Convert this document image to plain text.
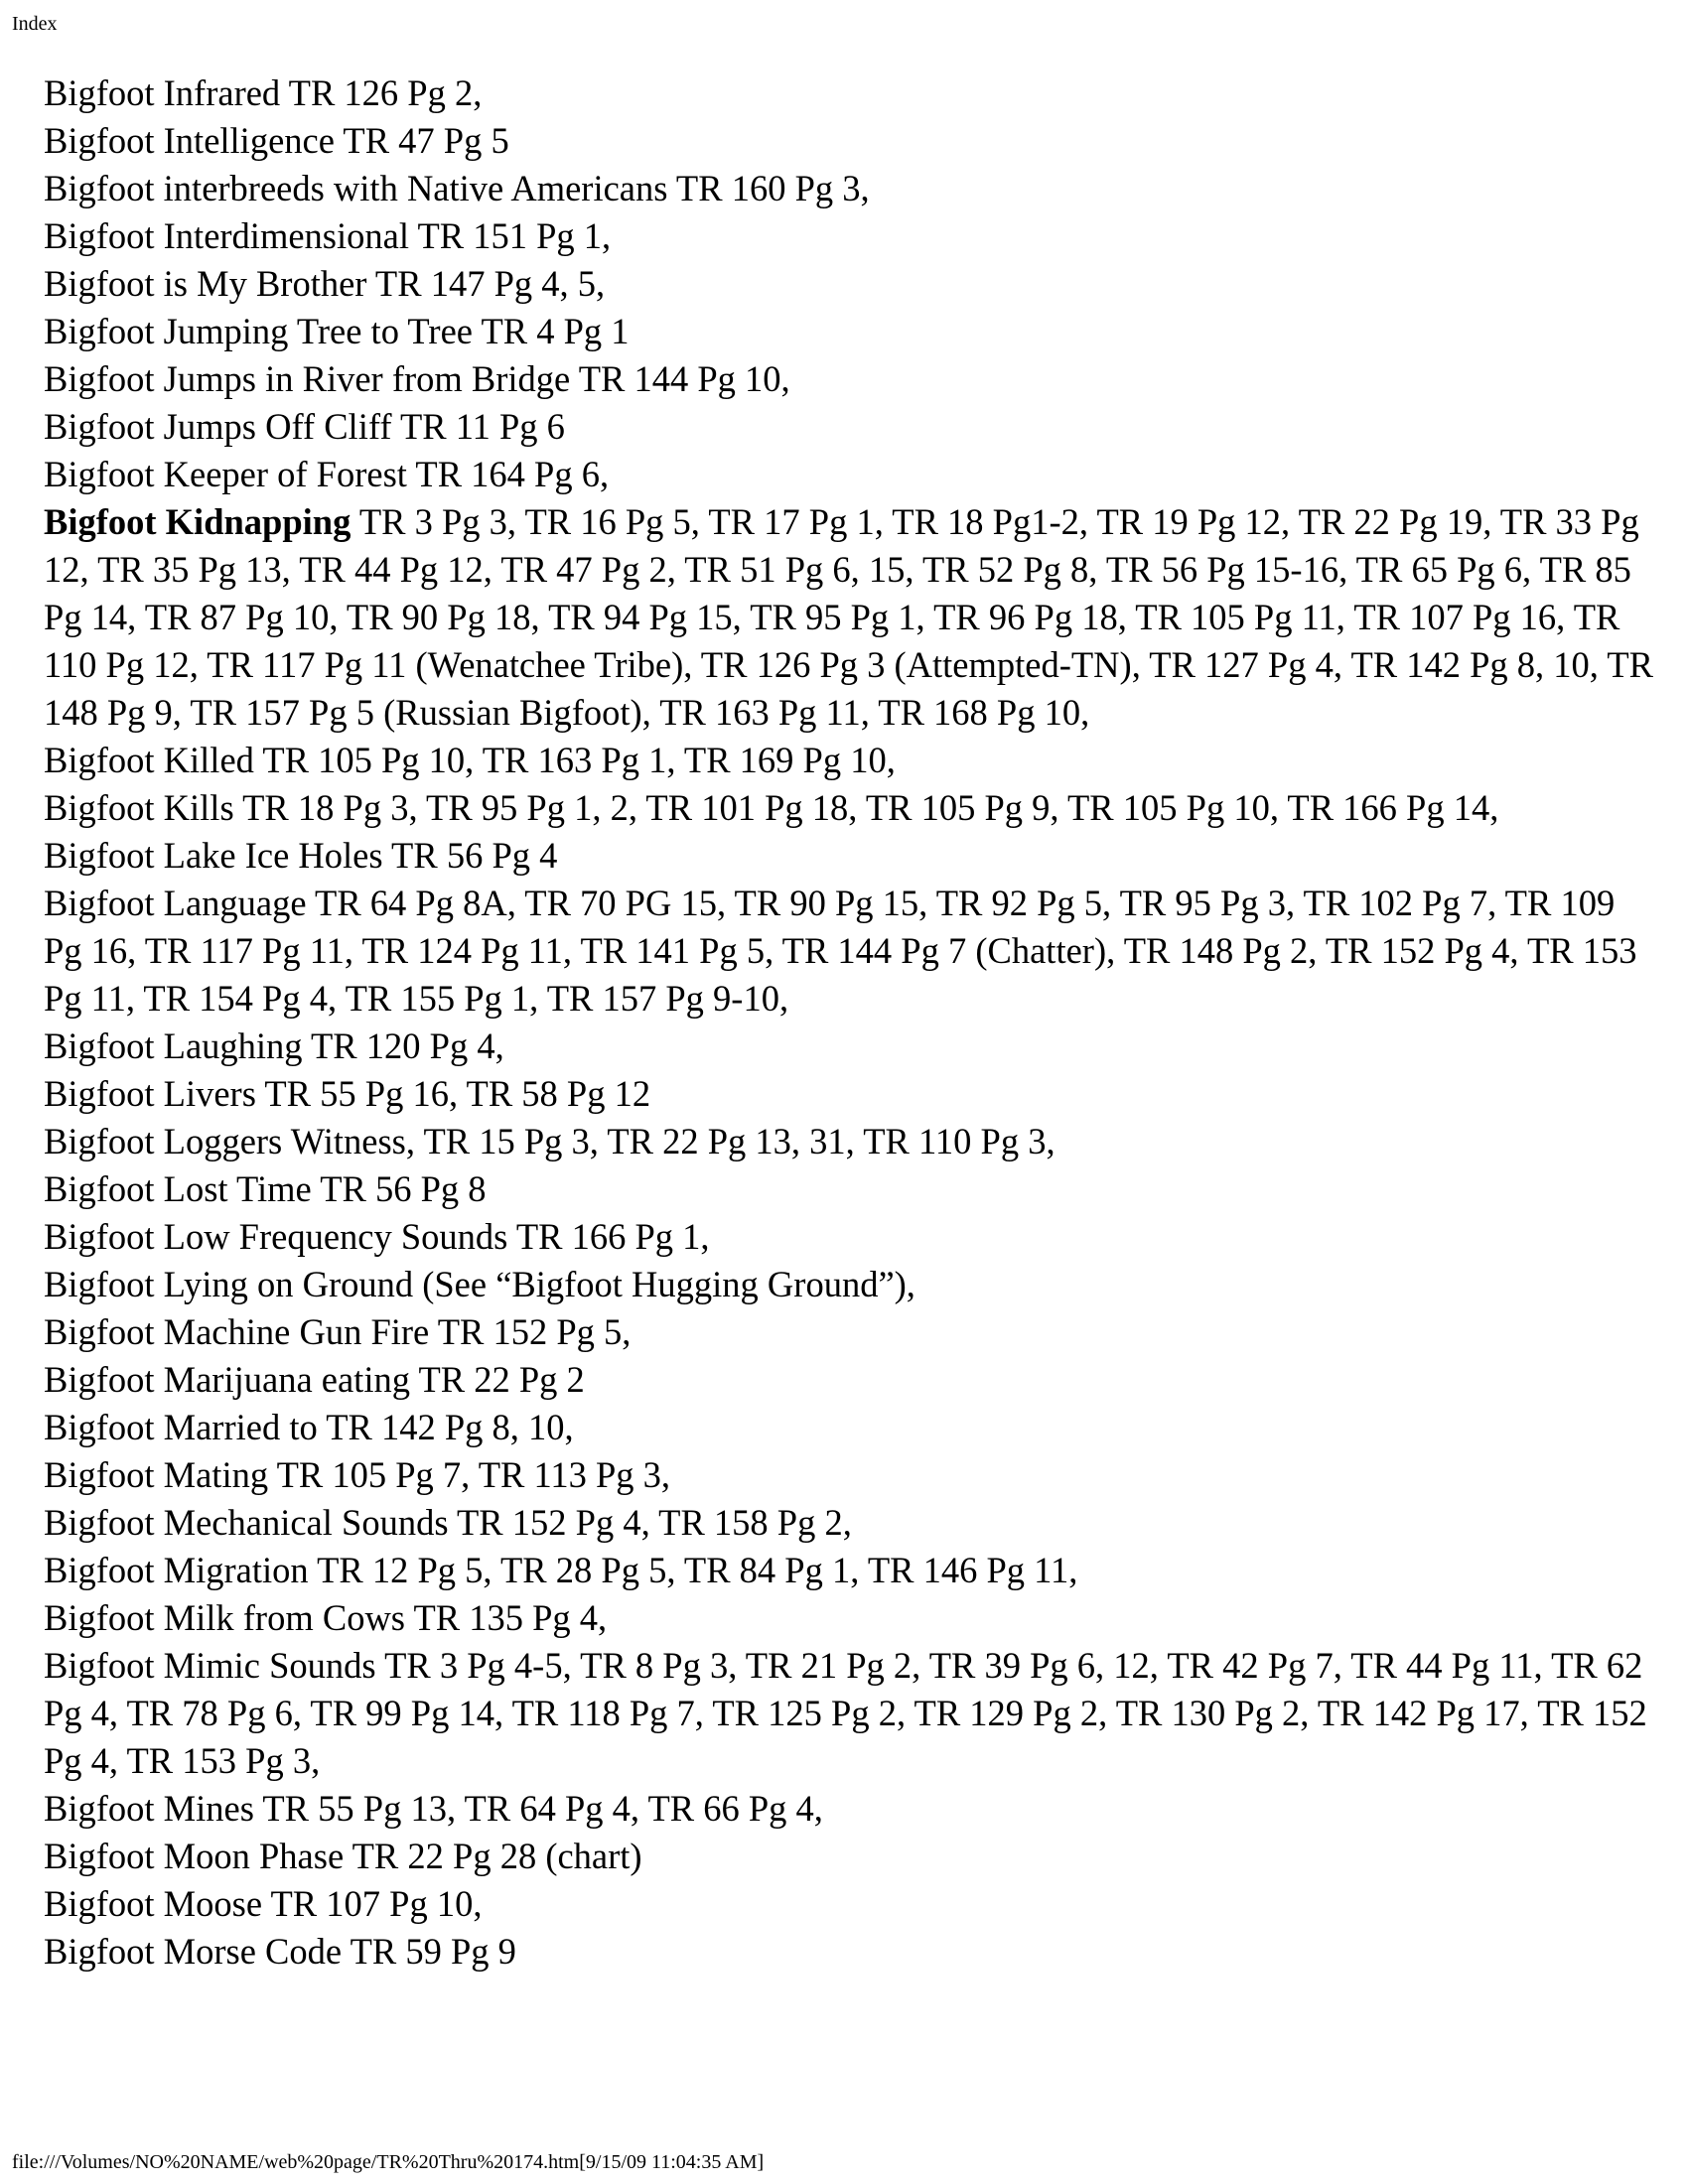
Index

Bigfoot Infrared TR 126 Pg 2,

Bigfoot Intelligence TR 47 Pg 5

Bigfoot interbreeds with Native Americans TR 160 Pg 3,

Bigfoot Interdimensional TR 151 Pg 1,

Bigfoot is My Brother TR 147 Pg 4, 5,

Bigfoot Jumping Tree to Tree TR 4 Pg 1

Bigfoot Jumps in River from Bridge TR 144 Pg 10,

Bigfoot Jumps Off Cliff TR 11 Pg 6

Bigfoot Keeper of Forest TR 164 Pg 6,

Bigfoot Kidnapping TR 3 Pg 3, TR 16 Pg 5, TR 17 Pg 1, TR 18 Pg1-2, TR 19 Pg 12, TR 22 Pg 19, TR 33 Pg 12, TR 35 Pg 13, TR 44 Pg 12, TR 47 Pg 2, TR 51 Pg 6, 15, TR 52 Pg 8, TR 56 Pg 15-16, TR 65 Pg 6, TR 85 Pg 14, TR 87 Pg 10, TR 90 Pg 18, TR 94 Pg 15, TR 95 Pg 1, TR 96 Pg 18, TR 105 Pg 11, TR 107 Pg 16, TR 110 Pg 12, TR 117 Pg 11 (Wenatchee Tribe), TR 126 Pg 3 (Attempted-TN), TR 127 Pg 4, TR 142 Pg 8, 10, TR 148 Pg 9, TR 157 Pg 5 (Russian Bigfoot), TR 163 Pg 11, TR 168 Pg 10,

Bigfoot Killed TR 105 Pg 10, TR 163 Pg 1, TR 169 Pg 10,

Bigfoot Kills TR 18 Pg 3, TR 95 Pg 1, 2, TR 101 Pg 18, TR 105 Pg 9, TR 105 Pg 10, TR 166 Pg 14,

Bigfoot Lake Ice Holes TR 56 Pg 4

Bigfoot Language TR 64 Pg 8A, TR 70 PG 15, TR 90 Pg 15, TR 92 Pg 5, TR 95 Pg 3, TR 102 Pg 7, TR 109 Pg 16, TR 117 Pg 11, TR 124 Pg 11, TR 141 Pg 5, TR 144 Pg 7 (Chatter), TR 148 Pg 2, TR 152 Pg 4, TR 153 Pg 11, TR 154 Pg 4, TR 155 Pg 1, TR 157 Pg 9-10,

Bigfoot Laughing TR 120 Pg 4,

Bigfoot Livers TR 55 Pg 16, TR 58 Pg 12

Bigfoot Loggers Witness, TR 15 Pg 3, TR 22 Pg 13, 31, TR 110 Pg 3,

Bigfoot Lost Time TR 56 Pg 8

Bigfoot Low Frequency Sounds TR 166 Pg 1,

Bigfoot Lying on Ground (See “Bigfoot Hugging Ground”),

Bigfoot Machine Gun Fire TR 152 Pg 5,

Bigfoot Marijuana eating TR 22 Pg 2

Bigfoot Married to TR 142 Pg 8, 10,

Bigfoot Mating TR 105 Pg 7, TR 113 Pg 3,

Bigfoot Mechanical Sounds TR 152 Pg 4, TR 158 Pg 2,

Bigfoot Migration TR 12 Pg 5, TR 28 Pg 5, TR 84 Pg 1, TR 146 Pg 11,

Bigfoot Milk from Cows TR 135 Pg 4,

Bigfoot Mimic Sounds TR 3 Pg 4-5, TR 8 Pg 3, TR 21 Pg 2, TR 39 Pg 6, 12, TR 42 Pg 7, TR 44 Pg 11, TR 62 Pg 4, TR 78 Pg 6, TR 99 Pg 14, TR 118 Pg 7, TR 125 Pg 2, TR 129 Pg 2, TR 130 Pg 2, TR 142 Pg 17, TR 152 Pg 4, TR 153 Pg 3,

Bigfoot Mines TR 55 Pg 13, TR 64 Pg 4, TR 66 Pg 4,

Bigfoot Moon Phase TR 22 Pg 28 (chart)

Bigfoot Moose TR 107 Pg 10,

Bigfoot Morse Code TR 59 Pg 9

file:///Volumes/NO%20NAME/web%20page/TR%20Thru%20174.htm[9/15/09 11:04:35 AM]
